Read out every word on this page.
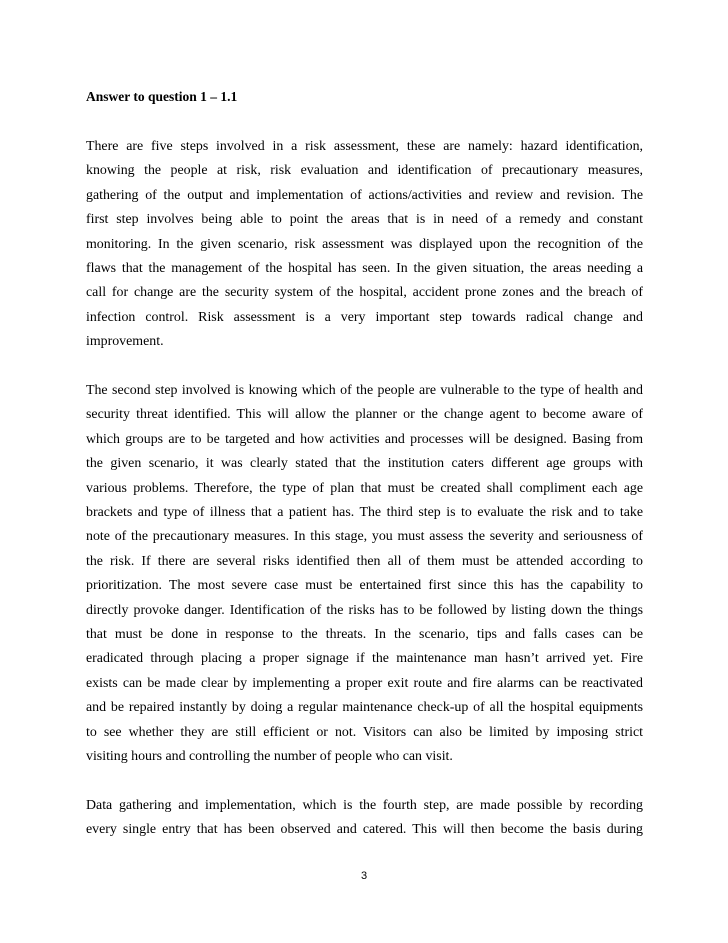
Answer to question 1 – 1.1

There are five steps involved in a risk assessment, these are namely: hazard identification,
knowing the people at risk, risk evaluation and identification of precautionary measures,
gathering of the output and implementation of actions/activities and review and revision. The
first step involves being able to point the areas that is in need of a remedy and constant
monitoring. In the given scenario, risk assessment was displayed upon the recognition of the
flaws that the management of the hospital has seen. In the given situation, the areas needing a
call for change are the security system of the hospital, accident prone zones and the breach of
infection control. Risk assessment is a very important step towards radical change and
improvement.

The second step involved is knowing which of the people are vulnerable to the type of health and
security threat identified. This will allow the planner or the change agent to become aware of
which groups are to be targeted and how activities and processes will be designed. Basing from
the given scenario, it was clearly stated that the institution caters different age groups with
various problems. Therefore, the type of plan that must be created shall compliment each age
brackets and type of illness that a patient has. The third step is to evaluate the risk and to take
note of the precautionary measures. In this stage, you must assess the severity and seriousness of
the risk. If there are several risks identified then all of them must be attended according to
prioritization. The most severe case must be entertained first since this has the capability to
directly provoke danger. Identification of the risks has to be followed by listing down the things
that must be done in response to the threats. In the scenario, tips and falls cases can be
eradicated through placing a proper signage if the maintenance man hasn’t arrived yet. Fire
exists can be made clear by implementing a proper exit route and fire alarms can be reactivated
and be repaired instantly by doing a regular maintenance check-up of all the hospital equipments
to see whether they are still efficient or not. Visitors can also be limited by imposing strict
visiting hours and controlling the number of people who can visit.

Data gathering and implementation, which is the fourth step, are made possible by recording
every single entry that has been observed and catered. This will then become the basis during

3
